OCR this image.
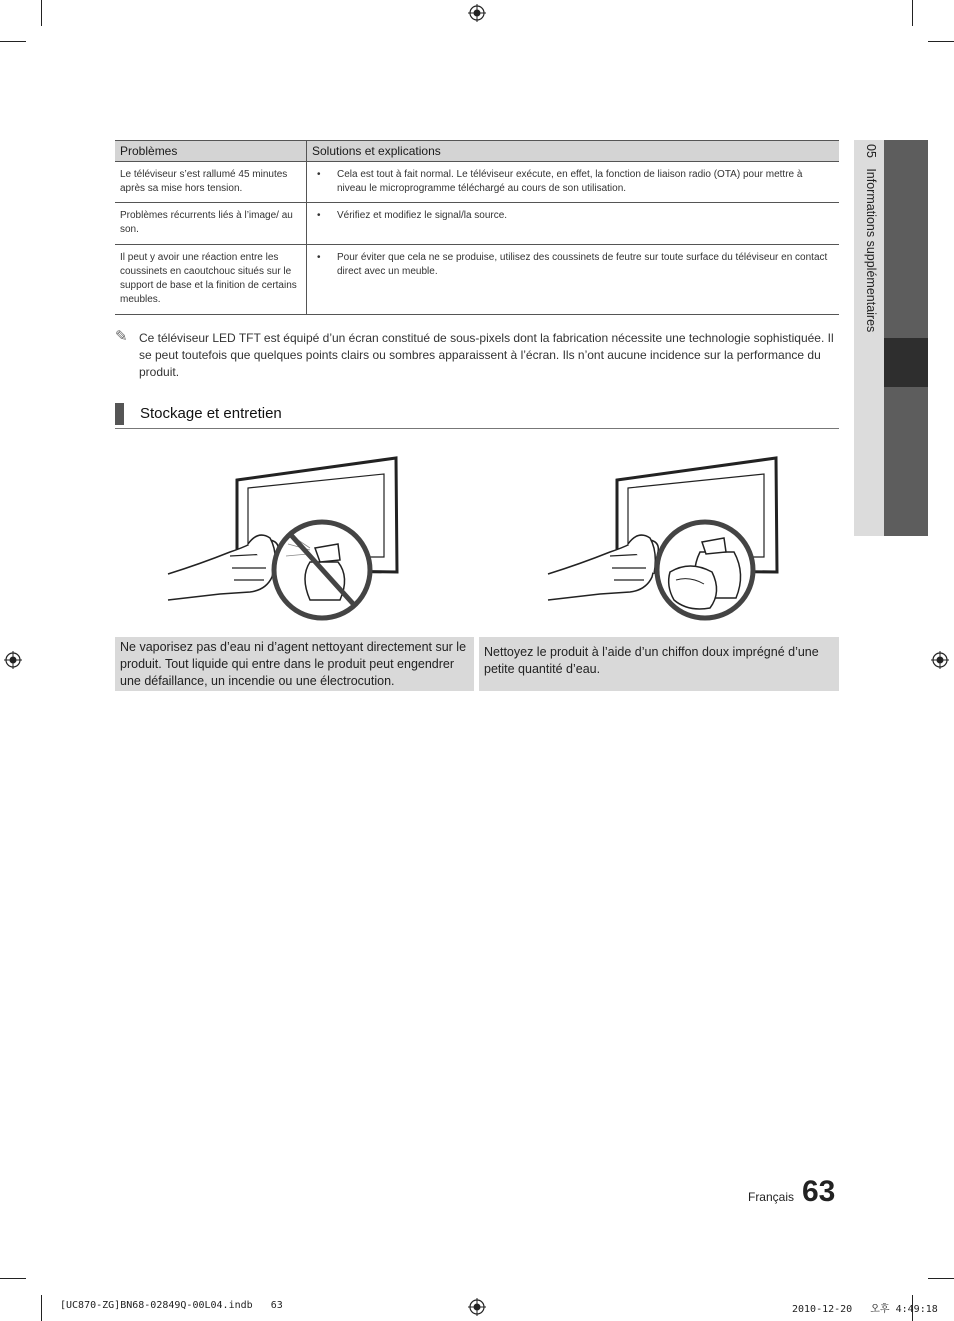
Problèmes	Solutions et explications
Le téléviseur s’est rallumé 45 minutes après sa mise hors tension.	• Cela est tout à fait normal. Le téléviseur exécute, en effet, la fonction de liaison radio (OTA) pour mettre à niveau le microprogramme téléchargé au cours de son utilisation.

Problèmes récurrents liés à l’image/ au son.	• Vérifiez et modifiez le signal/la source.

Il peut y avoir une réaction entre les coussinets en caoutchouc situés sur le support de base et la finition de certains meubles.	• Pour éviter que cela ne se produise, utilisez des coussinets de feutre sur toute surface du téléviseur en contact direct avec un meuble.
✎ Ce téléviseur LED TFT est équipé d’un écran constitué de sous-pixels dont la fabrication nécessite une technologie sophistiquée. Il se peut toutefois que quelques points clairs ou sombres apparaissent à l’écran. Ils n’ont aucune incidence sur la performance du produit.
Stockage et entretien
Ne vaporisez pas d’eau ni d’agent nettoyant directement sur le produit. Tout liquide qui entre dans le produit peut engendrer une défaillance, un incendie ou une électrocution.
Nettoyez le produit à l’aide d’un chiffon doux imprégné d’une petite quantité d’eau.
05   Informations supplémentaires
Français 63
[UC870-ZG]BN68-02849Q-00L04.indb   63	2010-12-20   오후 4:49:18
